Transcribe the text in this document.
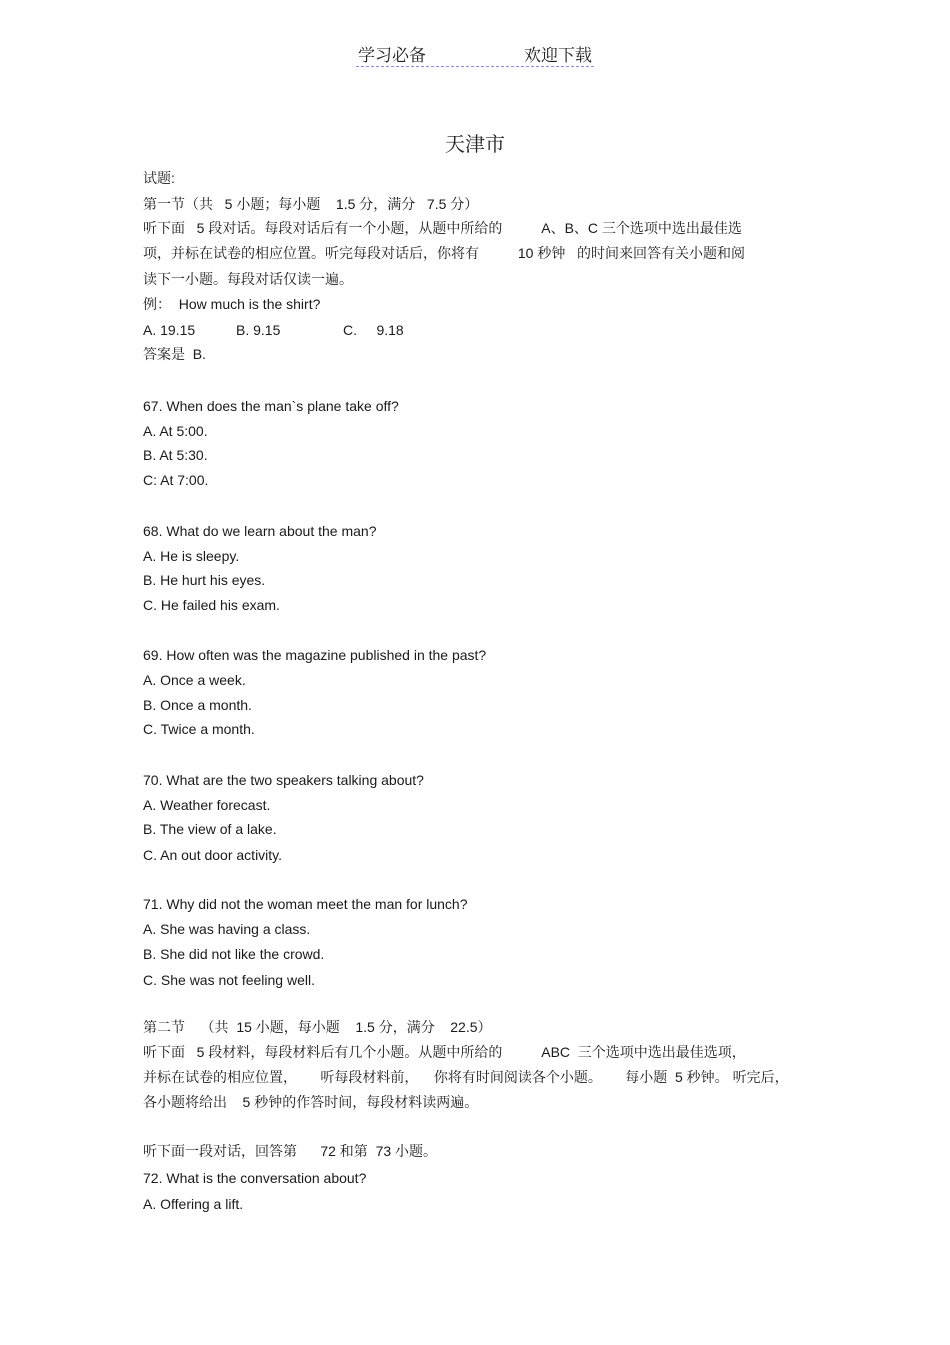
学习必备	欢迎下载
天津市
试题:
第一节（共   5 小题；每小题    1.5 分，满分   7.5 分）
听下面   5 段对话。每段对话后有一个小题，从题中所给的          A、B、C 三个选项中选出最佳选
项，并标在试卷的相应位置。听完每段对话后，你将有          10 秒钟   的时间来回答有关小题和阅
读下一小题。每段对话仅读一遍。
例：  How much is the shirt?
A. 19.15	B. 9.15	C.     9.18
答案是  B.
67. When does the man`s plane take off?
A. At 5:00.
B. At 5:30.
C: At 7:00.
68. What do we learn about the man?
A. He is sleepy.
B. He hurt his eyes.
C. He failed his exam.
69. How often was the magazine published in the past?
A. Once a week.
B. Once a month.
C. Twice a month.
70. What are the two speakers talking about?
A. Weather forecast.
B. The view of a lake.
C. An out door activity.
71. Why did not the woman meet the man for lunch?
A. She was having a class.
B. She did not like the crowd.
C. She was not feeling well.
第二节    （共  15 小题，每小题    1.5 分，满分    22.5）
听下面   5 段材料，每段材料后有几个小题。从题中所给的          ABC  三个选项中选出最佳选项，
并标在试卷的相应位置，      听每段材料前，    你将有时间阅读各个小题。      每小题  5 秒钟。 听完后，
各小题将给出    5 秒钟的作答时间，每段材料读两遍。
听下面一段对话，回答第      72 和第  73 小题。
72. What is the conversation about?
A. Offering a lift.
